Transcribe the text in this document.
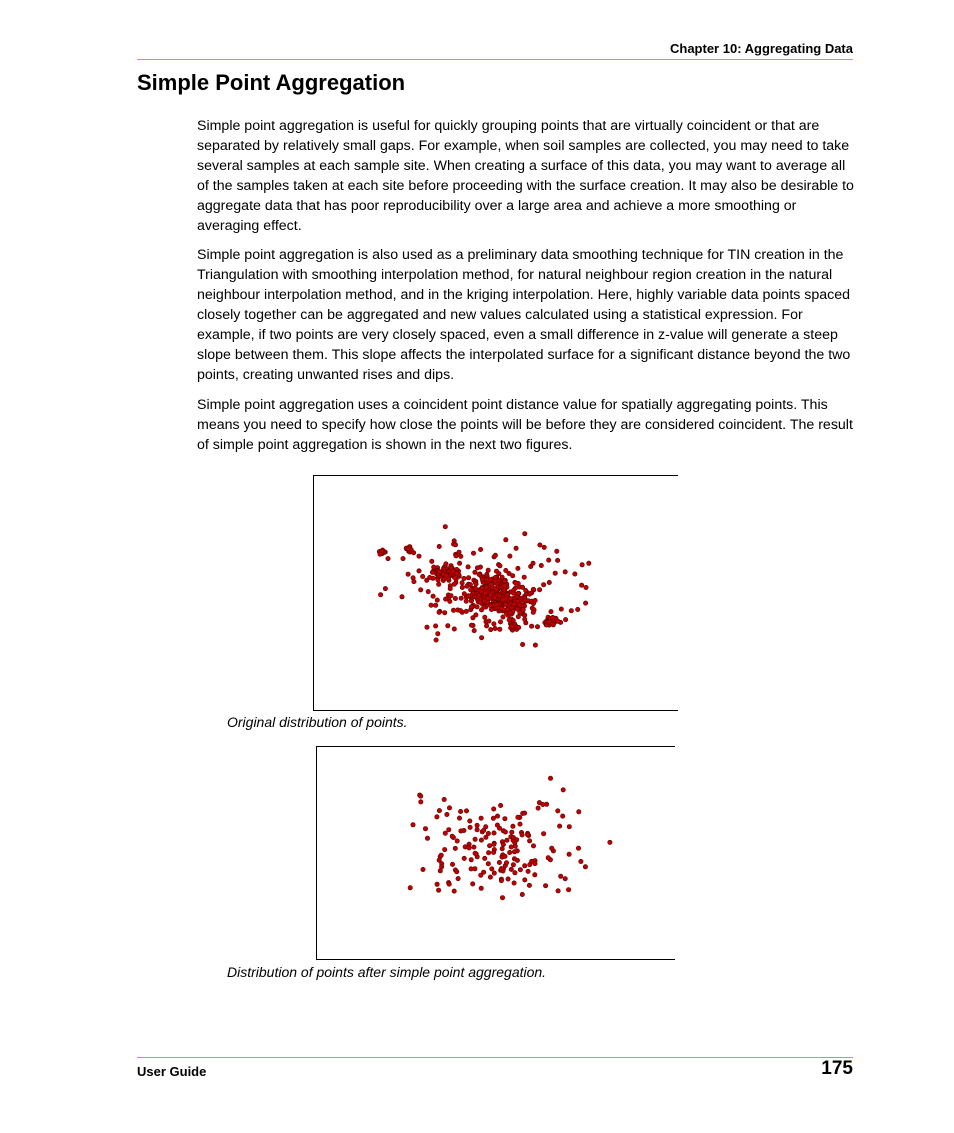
Chapter 10: Aggregating Data
Simple Point Aggregation

Simple point aggregation is useful for quickly grouping points that are virtually coincident or that are separated by relatively small gaps. For example, when soil samples are collected, you may need to take several samples at each sample site. When creating a surface of this data, you may want to average all of the samples taken at each site before proceeding with the surface creation. It may also be desirable to aggregate data that has poor reproducibility over a large area and achieve a more smoothing or averaging effect.

Simple point aggregation is also used as a preliminary data smoothing technique for TIN creation in the Triangulation with smoothing interpolation method, for natural neighbour region creation in the natural neighbour interpolation method, and in the kriging interpolation. Here, highly variable data points spaced closely together can be aggregated and new values calculated using a statistical expression. For example, if two points are very closely spaced, even a small difference in z-value will generate a steep slope between them. This slope affects the interpolated surface for a significant distance beyond the two points, creating unwanted rises and dips.

Simple point aggregation uses a coincident point distance value for spatially aggregating points. This means you need to specify how close the points will be before they are considered coincident. The result of simple point aggregation is shown in the next two figures.

Original distribution of points.
Distribution of points after simple point aggregation.
User Guide	175
